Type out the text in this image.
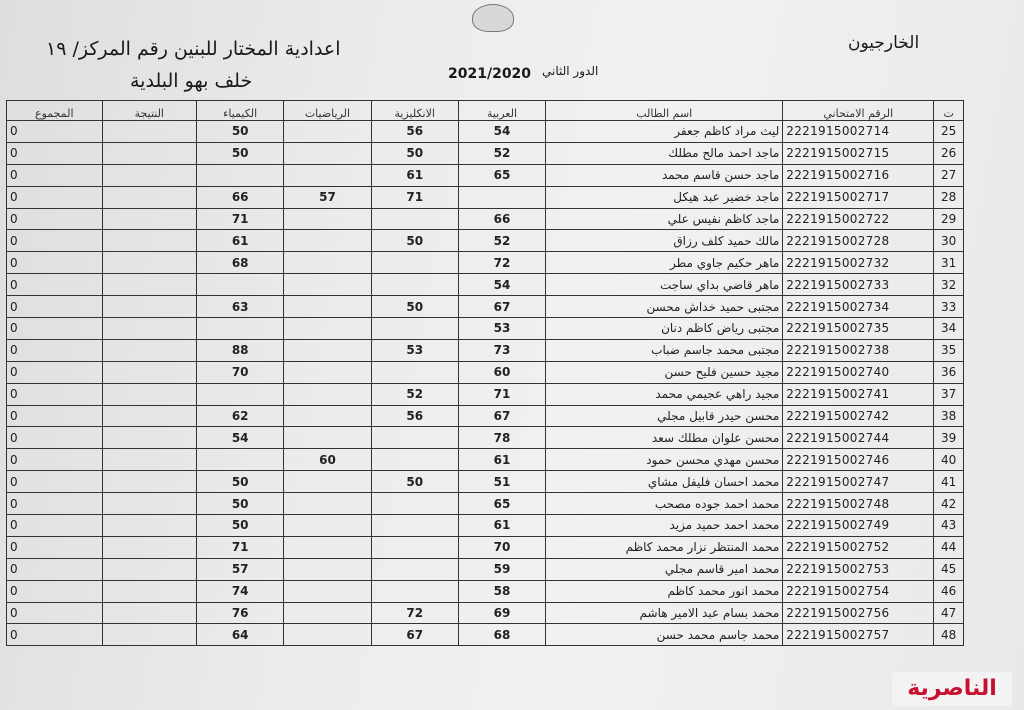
الخارجيون
اعدادية المختار للبنين رقم المركز/ ١٩
خلف بهو البلدية	الدور الثاني
2021/2020
ت	الرقم الامتحاني	اسم الطالب	العربية	الانكليزية	الرياضيات	الكيمياء	النتيجة	المجموع
25	2221915002714	ليث مراد كاظم جعفر	54	56		50		0
26	2221915002715	ماجد احمد مالح مطلك	52	50		50		0
27	2221915002716	ماجد حسن قاسم محمد	65	61				0
28	2221915002717	ماجد خضير عبد هيكل		71	57	66		0
29	2221915002722	ماجد كاظم نفيس علي	66			71		0
30	2221915002728	مالك حميد كلف رزاق	52	50		61		0
31	2221915002732	ماهر حكيم جاوي مطر	72			68		0
32	2221915002733	ماهر قاضي بداي ساجت	54					0
33	2221915002734	مجتبى حميد خداش محسن	67	50		63		0
34	2221915002735	مجتبى رياض كاظم دنان	53					0
35	2221915002738	مجتبى محمد جاسم ضباب	73	53		88		0
36	2221915002740	مجيد حسين فليح حسن	60			70		0
37	2221915002741	مجيد راهي عجيمي محمد	71	52				0
38	2221915002742	محسن حيدر قابيل مجلي	67	56		62		0
39	2221915002744	محسن علوان مطلك سعد	78			54		0
40	2221915002746	محسن مهدي محسن حمود	61		60			0
41	2221915002747	محمد احسان فليفل مشاي	51	50		50		0
42	2221915002748	محمد احمد جوده مصحب	65			50		0
43	2221915002749	محمد احمد حميد مزيد	61			50		0
44	2221915002752	محمد المنتظر نزار محمد كاظم	70			71		0
45	2221915002753	محمد امير قاسم مجلي	59			57		0
46	2221915002754	محمد انور محمد كاظم	58			74		0
47	2221915002756	محمد بسام عبد الامير هاشم	69	72		76		0
48	2221915002757	محمد جاسم محمد حسن	68	67		64		0
الناصرية
